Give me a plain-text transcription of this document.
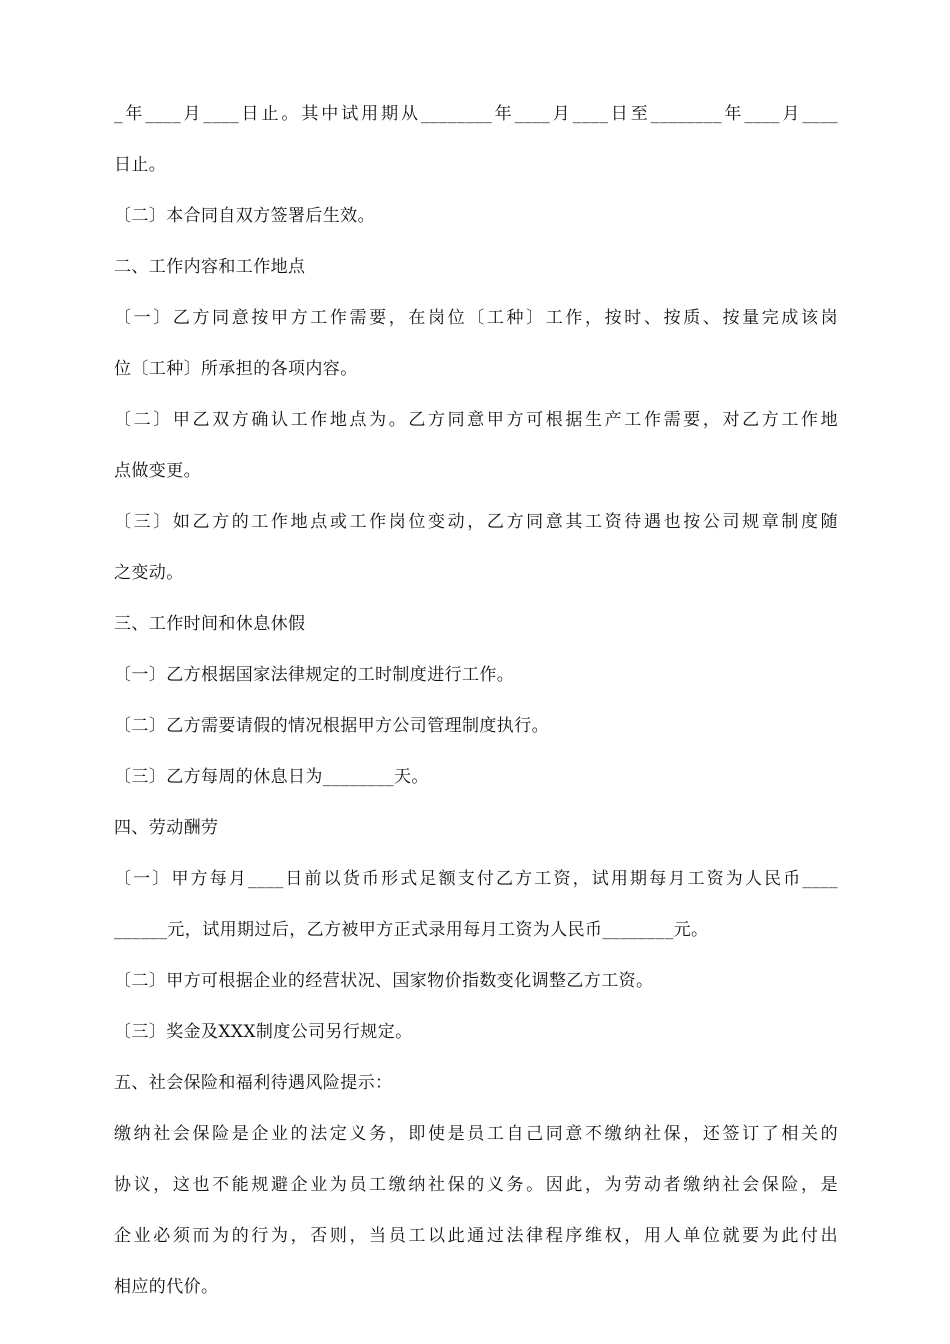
_年____月____日止。其中试用期从________年____月____日至________年____月____

日止。

〔二〕本合同自双方签署后生效。

二、工作内容和工作地点

〔一〕乙方同意按甲方工作需要，在岗位〔工种〕工作，按时、按质、按量完成该岗

位〔工种〕所承担的各项内容。

〔二〕甲乙双方确认工作地点为。乙方同意甲方可根据生产工作需要，对乙方工作地

点做变更。

〔三〕如乙方的工作地点或工作岗位变动，乙方同意其工资待遇也按公司规章制度随

之变动。

三、工作时间和休息休假

〔一〕乙方根据国家法律规定的工时制度进行工作。

〔二〕乙方需要请假的情况根据甲方公司管理制度执行。

〔三〕乙方每周的休息日为________天。

四、劳动酬劳

〔一〕甲方每月____日前以货币形式足额支付乙方工资，试用期每月工资为人民币____

______元，试用期过后，乙方被甲方正式录用每月工资为人民币________元。

〔二〕甲方可根据企业的经营状况、国家物价指数变化调整乙方工资。

〔三〕奖金及XXX制度公司另行规定。

五、社会保险和福利待遇风险提示：

缴纳社会保险是企业的法定义务，即使是员工自己同意不缴纳社保，还签订了相关的

协议，这也不能规避企业为员工缴纳社保的义务。因此，为劳动者缴纳社会保险，是

企业必须而为的行为，否则，当员工以此通过法律程序维权，用人单位就要为此付出

相应的代价。
